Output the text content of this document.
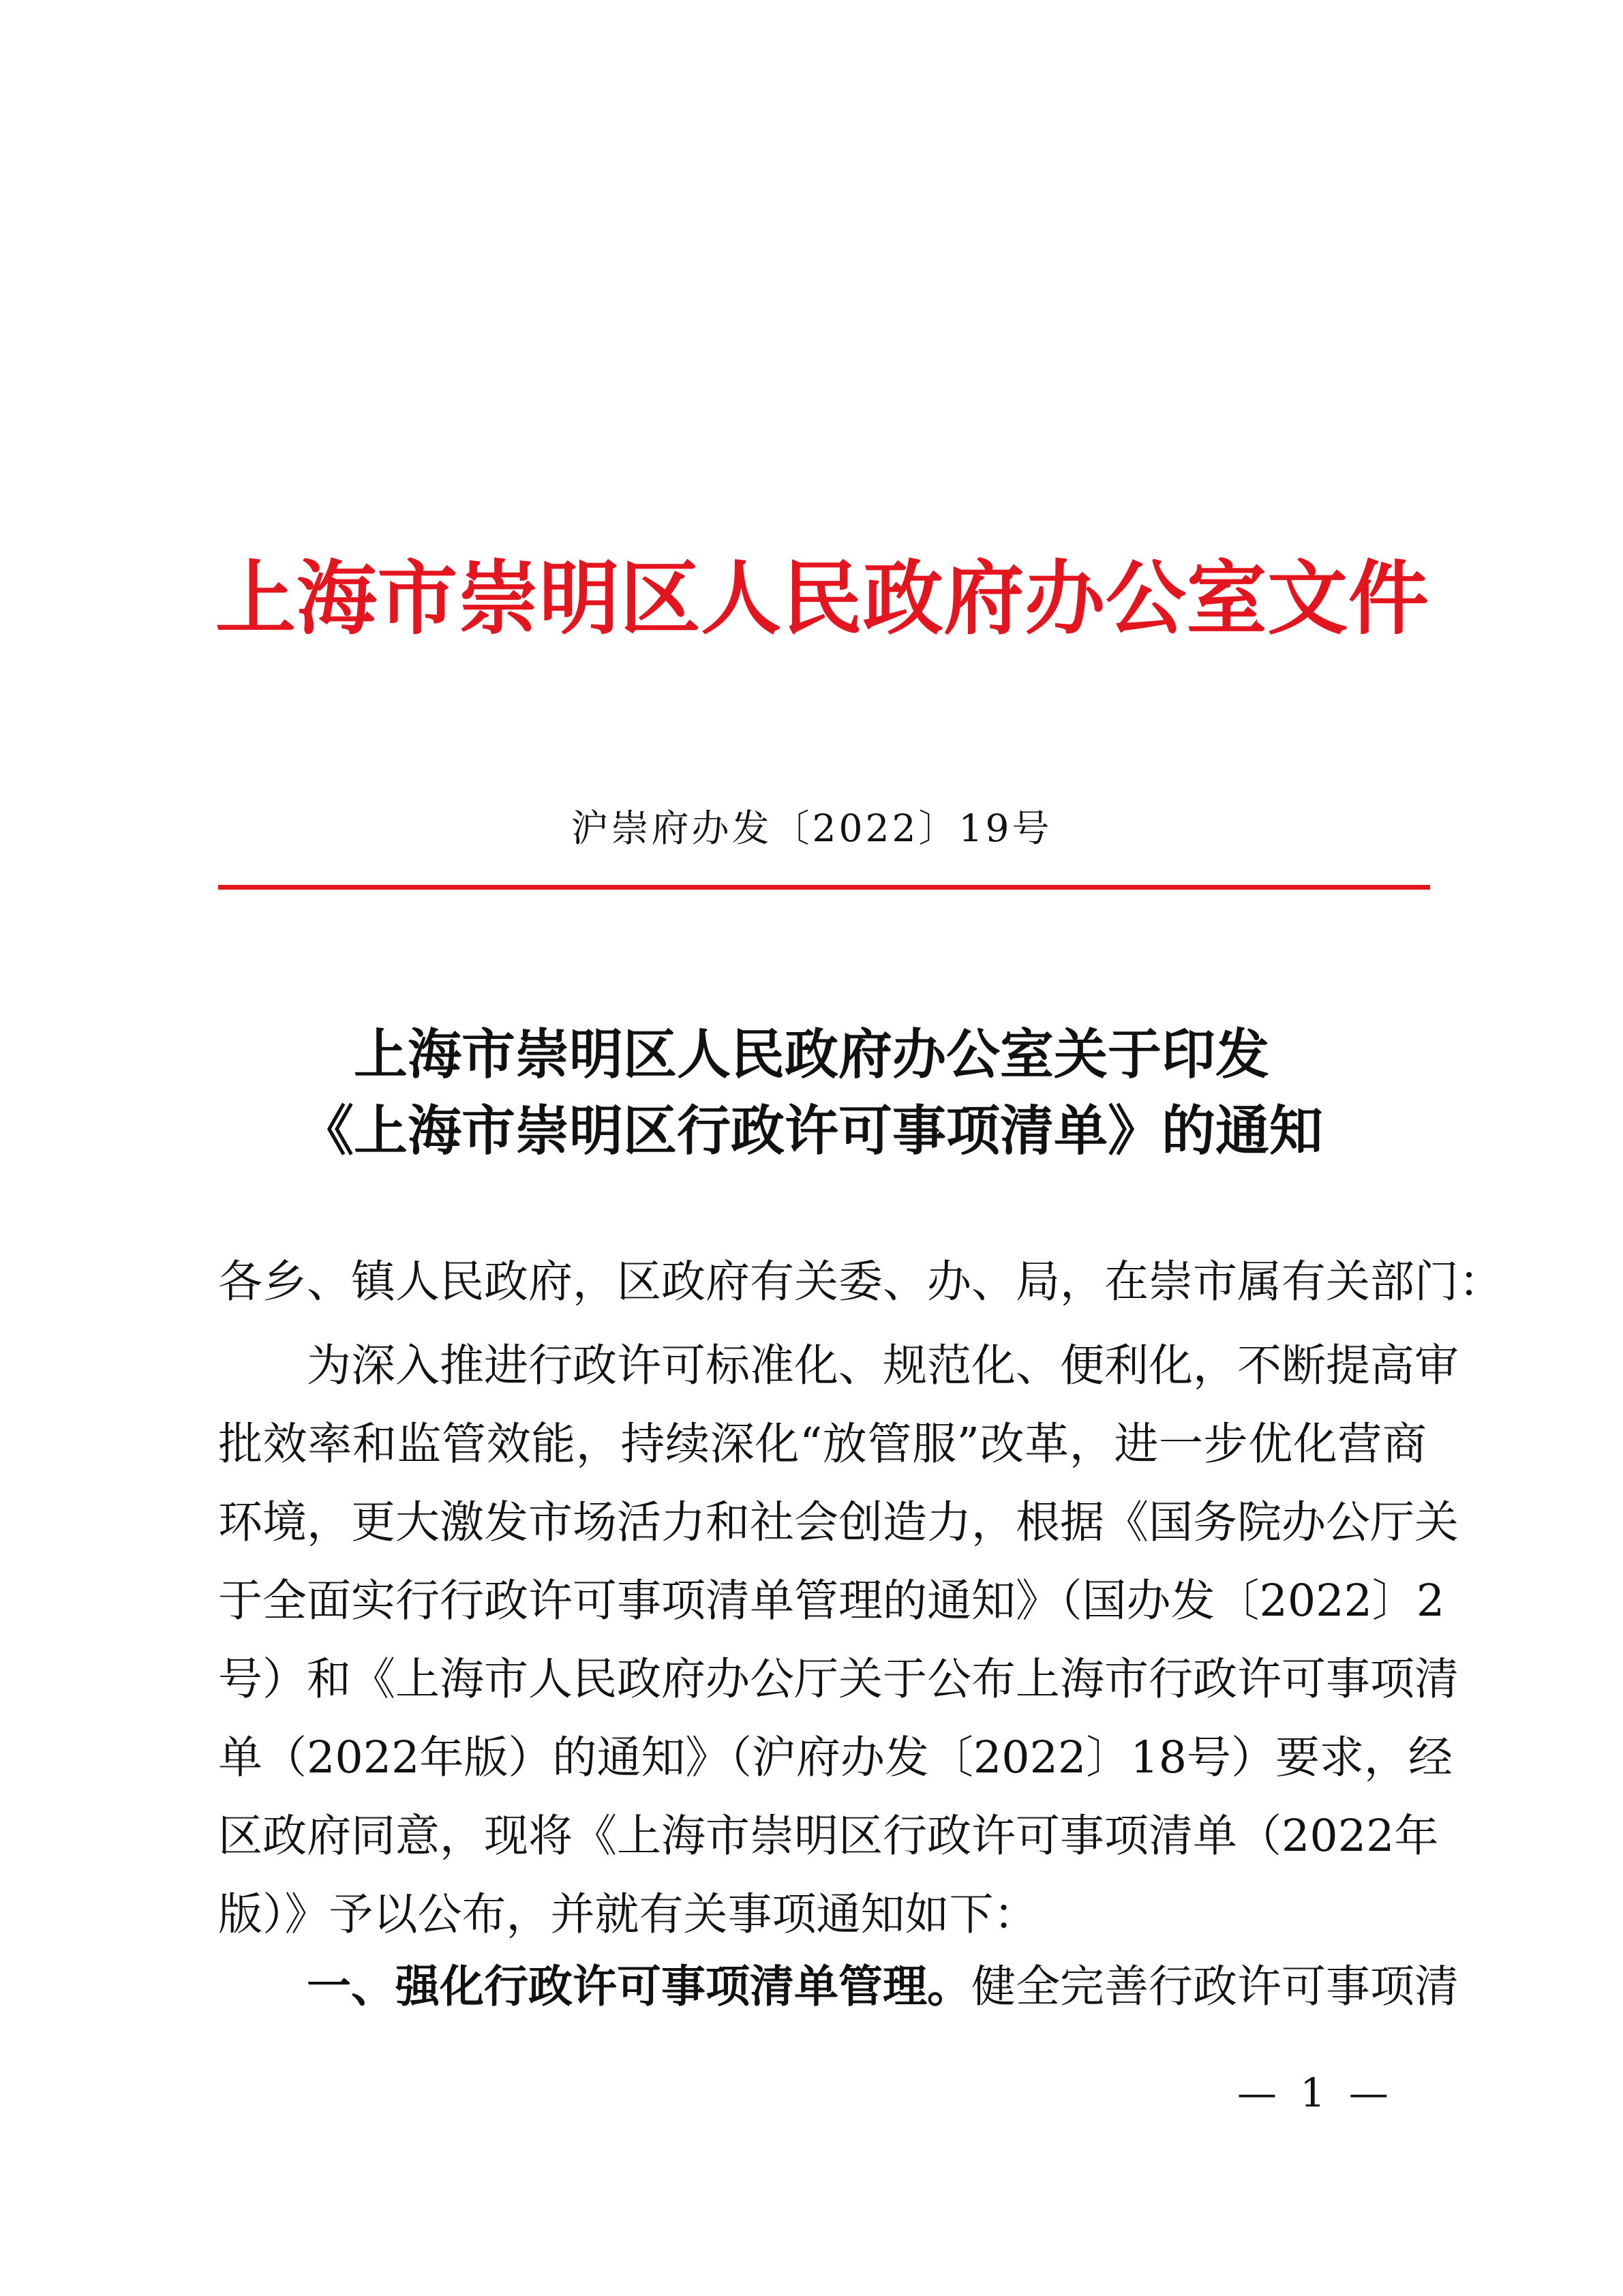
上海市崇明区人民政府办公室文件
沪崇府办发〔2022〕19号
上海市崇明区人民政府办公室关于印发
《上海市崇明区行政许可事项清单》的通知
各乡、镇人民政府，区政府有关委、办、局，在崇市属有关部门：
为深入推进行政许可标准化、规范化、便利化，不断提高审
批效率和监管效能，持续深化“放管服”改革，进一步优化营商
环境，更大激发市场活力和社会创造力，根据《国务院办公厅关
于全面实行行政许可事项清单管理的通知》（国办发〔2022〕2
号）和《上海市人民政府办公厅关于公布上海市行政许可事项清
单（2022年版）的通知》（沪府办发〔2022〕18号）要求，经
区政府同意，现将《上海市崇明区行政许可事项清单（2022年
版）》予以公布，并就有关事项通知如下：
一、强化行政许可事项清单管理。 健全完善行政许可事项清
— 1 —
